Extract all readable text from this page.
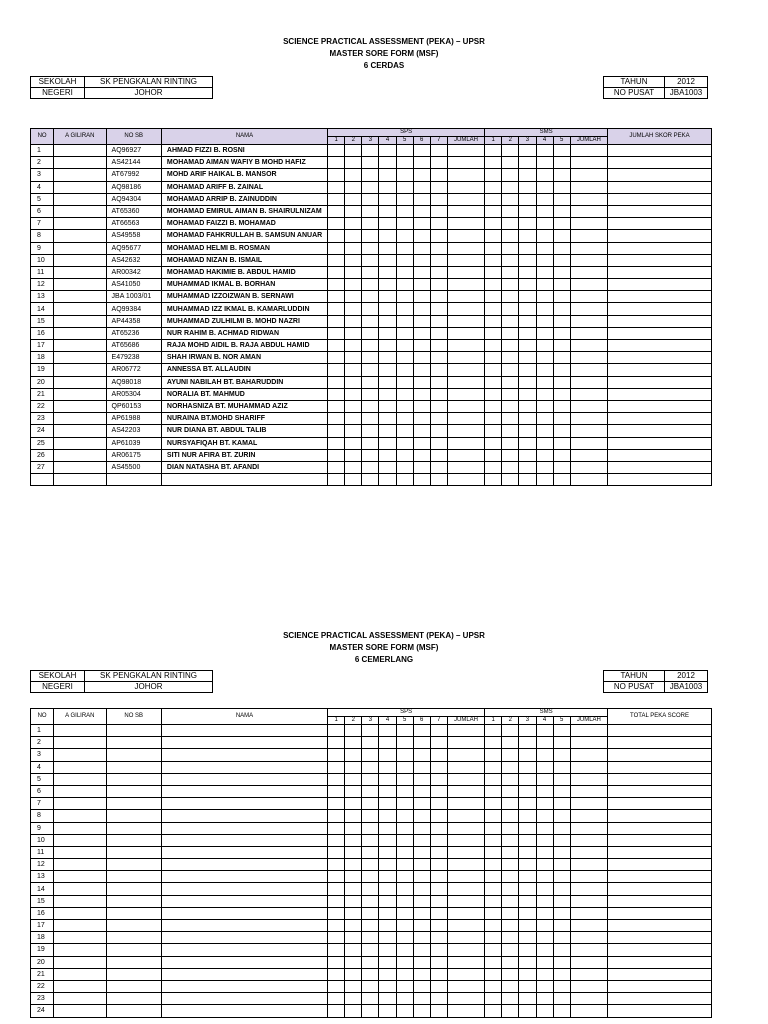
SCIENCE PRACTICAL ASSESSMENT (PEKA) – UPSR
MASTER SORE FORM (MSF)
6 CERDAS
SEKOLAH	SK PENGKALAN RINTING
NEGERI	JOHOR
TAHUN	2012
NO PUSAT	JBA1003
NO	A GILIRAN	NO SB	NAMA	SPS								SMS						JUMLAH SKOR PEKA
				1	2	3	4	5	6	7	JUMLAH	1	2	3	4	5	JUMLAH	
1		AQ96927	AHMAD FIZZI B. ROSNI															
2		AS42144	MOHAMAD AIMAN WAFIY B MOHD HAFIZ															
3		AT67992	MOHD ARIF HAIKAL B. MANSOR															
4		AQ98186	MOHAMAD ARIFF B. ZAINAL															
5		AQ94304	MOHAMAD ARRIP B. ZAINUDDIN															
6		AT65360	MOHAMAD EMIRUL AIMAN B. SHAIRULNIZAM															
7		AT66563	MOHAMAD FAIZZI B. MOHAMAD															
8		AS49558	MOHAMAD FAHKRULLAH B. SAMSUN ANUAR															
9		AQ95677	MOHAMAD HELMI B. ROSMAN															
10		AS42632	MOHAMAD NIZAN B. ISMAIL															
11		AR00342	MOHAMAD HAKIMIE B. ABDUL HAMID															
12		AS41050	MUHAMMAD IKMAL B. BORHAN															
13		JBA 1003/01	MUHAMMAD IZZOIZWAN B. SERNAWI															
14		AQ99384	MUHAMMAD IZZ IKMAL B. KAMARLUDDIN															
15		AP44358	MUHAMMAD ZULHILMI B. MOHD NAZRI															
16		AT65236	NUR RAHIM B. ACHMAD RIDWAN															
17		AT65686	RAJA MOHD AIDIL B. RAJA ABDUL HAMID															
18		E479238	SHAH IRWAN B. NOR AMAN															
19		AR06772	ANNESSA BT. ALLAUDIN															
20		AQ98018	AYUNI NABILAH BT. BAHARUDDIN															
21		AR05304	NORALIA BT. MAHMUD															
22		QP60153	NORHASNIZA BT. MUHAMMAD AZIZ															
23		AP61988	NURAINA BT.MOHD SHARIFF															
24		AS42203	NUR DIANA BT. ABDUL TALIB															
25		AP61039	NURSYAFIQAH BT. KAMAL															
26		AR06175	SITI NUR AFIRA BT. ZURIN															
27		AS45500	DIAN NATASHA BT. AFANDI															

SCIENCE PRACTICAL ASSESSMENT (PEKA) – UPSR
MASTER SORE FORM (MSF)
6 CEMERLANG
SEKOLAH	SK PENGKALAN RINTING
NEGERI	JOHOR
TAHUN	2012
NO PUSAT	JBA1003
NO	A GILIRAN	NO SB	NAMA	SPS								SMS						TOTAL PEKA SCORE
				1	2	3	4	5	6	7	JUMLAH	1	2	3	4	5	JUMLAH	
1																		
2																		
3																		
4																		
5																		
6																		
7																		
8																		
9																		
10																		
11																		
12																		
13																		
14																		
15																		
16																		
17																		
18																		
19																		
20																		
21																		
22																		
23																		
24																		
